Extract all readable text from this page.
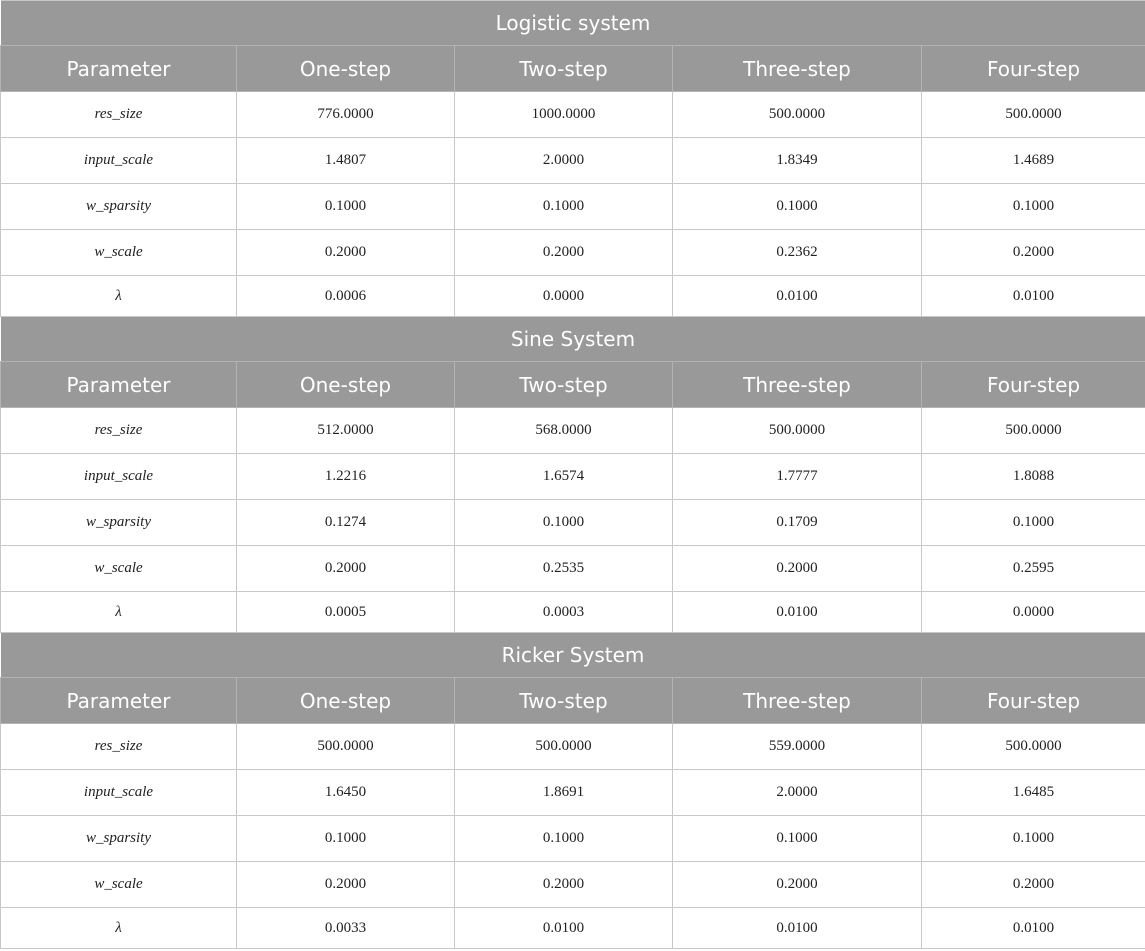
Logistic system				
Parameter	One-step	Two-step	Three-step	Four-step
res_size	776.0000	1000.0000	500.0000	500.0000
input_scale	1.4807	2.0000	1.8349	1.4689
w_sparsity	0.1000	0.1000	0.1000	0.1000
w_scale	0.2000	0.2000	0.2362	0.2000
λ	0.0006	0.0000	0.0100	0.0100
Sine System				
Parameter	One-step	Two-step	Three-step	Four-step
res_size	512.0000	568.0000	500.0000	500.0000
input_scale	1.2216	1.6574	1.7777	1.8088
w_sparsity	0.1274	0.1000	0.1709	0.1000
w_scale	0.2000	0.2535	0.2000	0.2595
λ	0.0005	0.0003	0.0100	0.0000
Ricker System				
Parameter	One-step	Two-step	Three-step	Four-step
res_size	500.0000	500.0000	559.0000	500.0000
input_scale	1.6450	1.8691	2.0000	1.6485
w_sparsity	0.1000	0.1000	0.1000	0.1000
w_scale	0.2000	0.2000	0.2000	0.2000
λ	0.0033	0.0100	0.0100	0.0100
